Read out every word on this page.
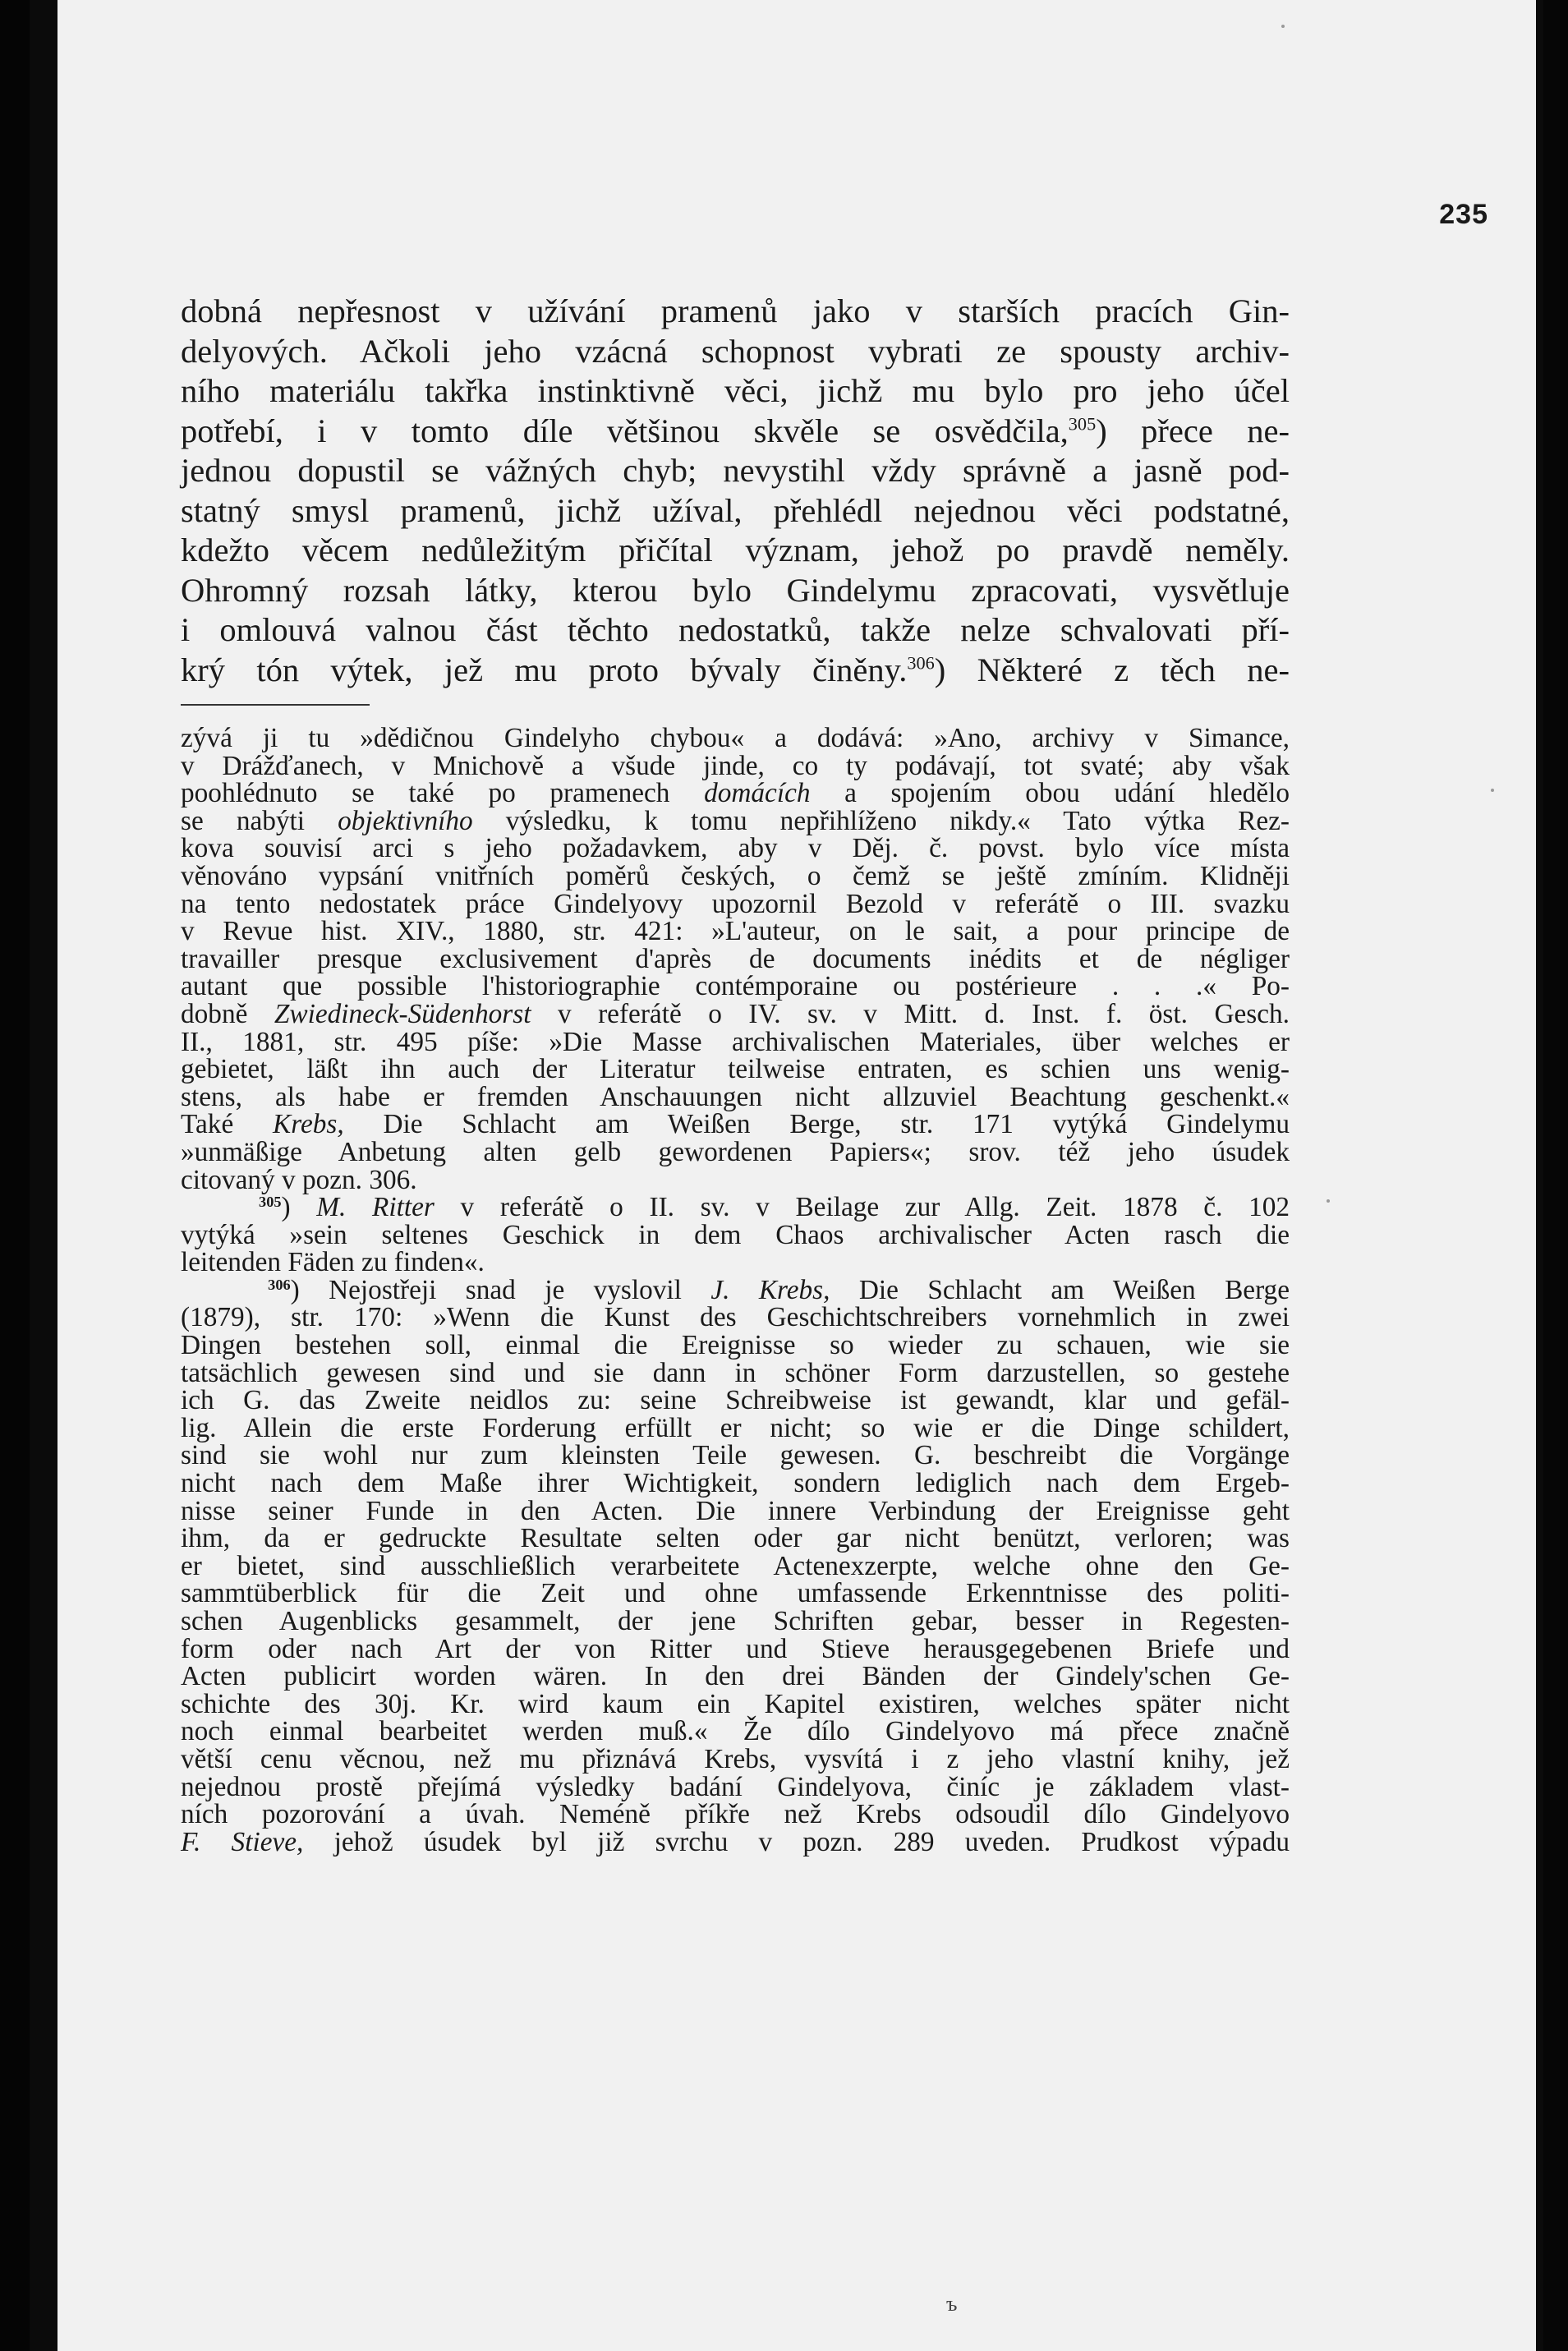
235
dobná nepřesnost v užívání pramenů jako v starších pracích Gin-
delyových. Ačkoli jeho vzácná schopnost vybrati ze spousty archiv-
ního materiálu takřka instinktivně věci, jichž mu bylo pro jeho účel
potřebí, i v tomto díle většinou skvěle se osvědčila,$^{305}$) přece ne-
jednou dopustil se vážných chyb; nevystihl vždy správně a jasně pod-
statný smysl pramenů, jichž užíval, přehlédl nejednou věci podstatné,
kdežto věcem nedůležitým přičítal význam, jehož po pravdě neměly.
Ohromný rozsah látky, kterou bylo Gindelymu zpracovati, vysvětluje
i omlouvá valnou část těchto nedostatků, takže nelze schvalovati pří-
krý tón výtek, jež mu proto bývaly činěny.$^{306}$) Některé z těch ne-
zývá ji tu »dědičnou Gindelyho chybou« a dodává: »Ano, archivy v Simance,
v Drážďanech, v Mnichově a všude jinde, co ty podávají, tot svaté; aby však
poohlédnuto se také po pramenech domácích a spojením obou udání hledělo
se nabýti objektivního výsledku, k tomu nepřihlíženo nikdy.« Tato výtka Rez-
kova souvisí arci s jeho požadavkem, aby v Děj. č. povst. bylo více místa
věnováno vypsání vnitřních poměrů českých, o čemž se ještě zmíním. Klidněji
na tento nedostatek práce Gindelyovy upozornil Bezold v referátě o III. svazku
v Revue hist. XIV., 1880, str. 421: »L'auteur, on le sait, a pour principe de
travailler presque exclusivement d'après de documents inédits et de négliger
autant que possible l'historiographie contémporaine ou postérieure . . .« Po-
dobně Zwiedineck-Südenhorst v referátě o IV. sv. v Mitt. d. Inst. f. öst. Gesch.
II., 1881, str. 495 píše: »Die Masse archivalischen Materiales, über welches er
gebietet, läßt ihn auch der Literatur teilweise entraten, es schien uns wenig-
stens, als habe er fremden Anschauungen nicht allzuviel Beachtung geschenkt.«
Také Krebs, Die Schlacht am Weißen Berge, str. 171 vytýká Gindelymu
»unmäßige Anbetung alten gelb gewordenen Papiers«; srov. též jeho úsudek
citovaný v pozn. 306.
$^{305}$) M. Ritter v referátě o II. sv. v Beilage zur Allg. Zeit. 1878 č. 102
vytýká »sein seltenes Geschick in dem Chaos archivalischer Acten rasch die
leitenden Fäden zu finden«.
$^{306}$) Nejostřeji snad je vyslovil J. Krebs, Die Schlacht am Weißen Berge
(1879), str. 170: »Wenn die Kunst des Geschichtschreibers vornehmlich in zwei
Dingen bestehen soll, einmal die Ereignisse so wieder zu schauen, wie sie
tatsächlich gewesen sind und sie dann in schöner Form darzustellen, so gestehe
ich G. das Zweite neidlos zu: seine Schreibweise ist gewandt, klar und gefäl-
lig. Allein die erste Forderung erfüllt er nicht; so wie er die Dinge schildert,
sind sie wohl nur zum kleinsten Teile gewesen. G. beschreibt die Vorgänge
nicht nach dem Maße ihrer Wichtigkeit, sondern lediglich nach dem Ergeb-
nisse seiner Funde in den Acten. Die innere Verbindung der Ereignisse geht
ihm, da er gedruckte Resultate selten oder gar nicht benützt, verloren; was
er bietet, sind ausschließlich verarbeitete Actenexzerpte, welche ohne den Ge-
sammtüberblick für die Zeit und ohne umfassende Erkenntnisse des politi-
schen Augenblicks gesammelt, der jene Schriften gebar, besser in Regesten-
form oder nach Art der von Ritter und Stieve herausgegebenen Briefe und
Acten publicirt worden wären. In den drei Bänden der Gindely'schen Ge-
schichte des 30j. Kr. wird kaum ein Kapitel existiren, welches später nicht
noch einmal bearbeitet werden muß.« Že dílo Gindelyovo má přece značně
větší cenu věcnou, než mu přiznává Krebs, vysvítá i z jeho vlastní knihy, jež
nejednou prostě přejímá výsledky badání Gindelyova, činíc je základem vlast-
ních pozorování a úvah. Neméně příkře než Krebs odsoudil dílo Gindelyovo
F. Stieve, jehož úsudek byl již svrchu v pozn. 289 uveden. Prudkost výpadu
ъ
